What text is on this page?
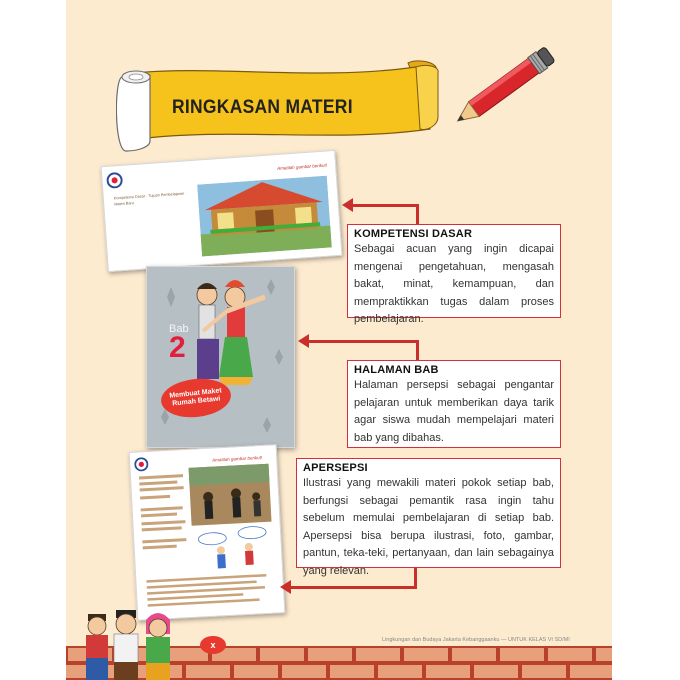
RINGKASAN MATERI
Amatilah gambar berikut!
Kompetensi Dasar · Tujuan Pembelajaran · Materi Baru
Bab
2
Membuat Maket Rumah Betawi
Amatilah gambar berikut!
KOMPETENSI DASAR
Sebagai acuan yang ingin dicapai mengenai pengetahuan, mengasah bakat, minat, kemampuan, dan mempraktikkan tugas dalam proses pembelajaran.
HALAMAN BAB
Halaman persepsi sebagai pengantar pelajaran untuk memberikan daya tarik agar siswa mudah mempelajari materi bab yang dibahas.
APERSEPSI
Ilustrasi yang mewakili materi pokok setiap bab, berfungsi sebagai pemantik rasa ingin tahu sebelum memulai pembelajaran di setiap bab. Apersepsi bisa berupa ilustrasi, foto, gambar, pantun, teka-teki, pertanyaan, dan lain sebagainya yang relevan.
Lingkungan dan Budaya Jakarta Kebanggaanku — UNTUK KELAS VI SD/MI
x
